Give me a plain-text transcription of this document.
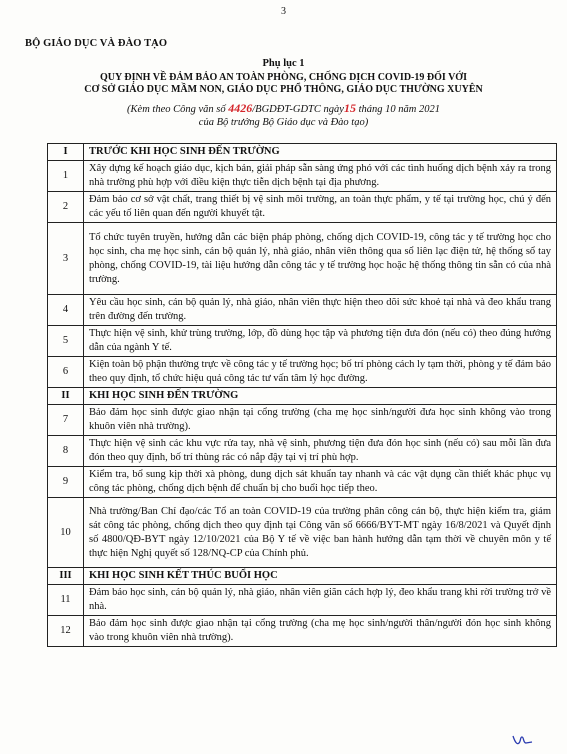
3
BỘ GIÁO DỤC VÀ ĐÀO TẠO
Phụ lục 1
QUY ĐỊNH VỀ ĐẢM BẢO AN TOÀN PHÒNG, CHỐNG DỊCH COVID-19 ĐỐI VỚI
CƠ SỞ GIÁO DỤC MẦM NON, GIÁO DỤC PHỔ THÔNG, GIÁO DỤC THƯỜNG XUYÊN
(Kèm theo Công văn số 4426/BGDĐT-GDTC ngày15 tháng 10 năm 2021
của Bộ trưởng Bộ Giáo dục và Đào tạo)
I	TRƯỚC KHI HỌC SINH ĐẾN TRƯỜNG
1	Xây dựng kế hoạch giáo dục, kịch bản, giải pháp sẵn sàng ứng phó với các tình huống dịch bệnh xảy ra trong nhà trường phù hợp với điều kiện thực tiễn dịch bệnh tại địa phương.
2	Đảm bảo cơ sở vật chất, trang thiết bị vệ sinh môi trường, an toàn thực phẩm, y tế tại trường học, chú ý đến các yếu tố liên quan đến người khuyết tật.
3	Tổ chức tuyên truyền, hướng dẫn các biện pháp phòng, chống dịch COVID-19, công tác y tế trường học cho học sinh, cha mẹ học sinh, cán bộ quản lý, nhà giáo, nhân viên thông qua sổ liên lạc điện tử, hệ thống sổ tay phòng, chống COVID-19, tài liệu hướng dẫn công tác y tế trường học hoặc hệ thống thông tin sẵn có của nhà trường.
4	Yêu cầu học sinh, cán bộ quản lý, nhà giáo, nhân viên thực hiện theo dõi sức khoẻ tại nhà và đeo khẩu trang trên đường đến trường.
5	Thực hiện vệ sinh, khử trùng trường, lớp, đồ dùng học tập và phương tiện đưa đón (nếu có) theo đúng hướng dẫn của ngành Y tế.
6	Kiện toàn bộ phận thường trực về công tác y tế trường học; bố trí phòng cách ly tạm thời, phòng y tế đảm bảo theo quy định, tổ chức hiệu quả công tác tư vấn tâm lý học đường.
II	KHI HỌC SINH ĐẾN TRƯỜNG
7	Bảo đảm học sinh được giao nhận tại cổng trường (cha mẹ học sinh/người đưa học sinh không vào trong khuôn viên nhà trường).
8	Thực hiện vệ sinh các khu vực rửa tay, nhà vệ sinh, phương tiện đưa đón học sinh (nếu có) sau mỗi lần đưa đón theo quy định, bố trí thùng rác có nắp đậy tại vị trí phù hợp.
9	Kiểm tra, bổ sung kịp thời xà phòng, dung dịch sát khuẩn tay nhanh và các vật dụng cần thiết khác phục vụ công tác phòng, chống dịch bệnh để chuẩn bị cho buổi học tiếp theo.
10	Nhà trường/Ban Chỉ đạo/các Tổ an toàn COVID-19 của trường phân công cán bộ, thực hiện kiểm tra, giám sát công tác phòng, chống dịch theo quy định tại Công văn số 6666/BYT-MT ngày 16/8/2021 và Quyết định số 4800/QĐ-BYT ngày 12/10/2021 của Bộ Y tế về việc ban hành hướng dẫn tạm thời về chuyên môn y tế thực hiện Nghị quyết số 128/NQ-CP của Chính phủ.
III	KHI HỌC SINH KẾT THÚC BUỔI HỌC
11	Đảm bảo học sinh, cán bộ quản lý, nhà giáo, nhân viên giãn cách hợp lý, đeo khẩu trang khi rời trường trở về nhà.
12	Bảo đảm học sinh được giao nhận tại cổng trường (cha mẹ học sinh/người thân/người đón học sinh không vào trong khuôn viên nhà trường).
